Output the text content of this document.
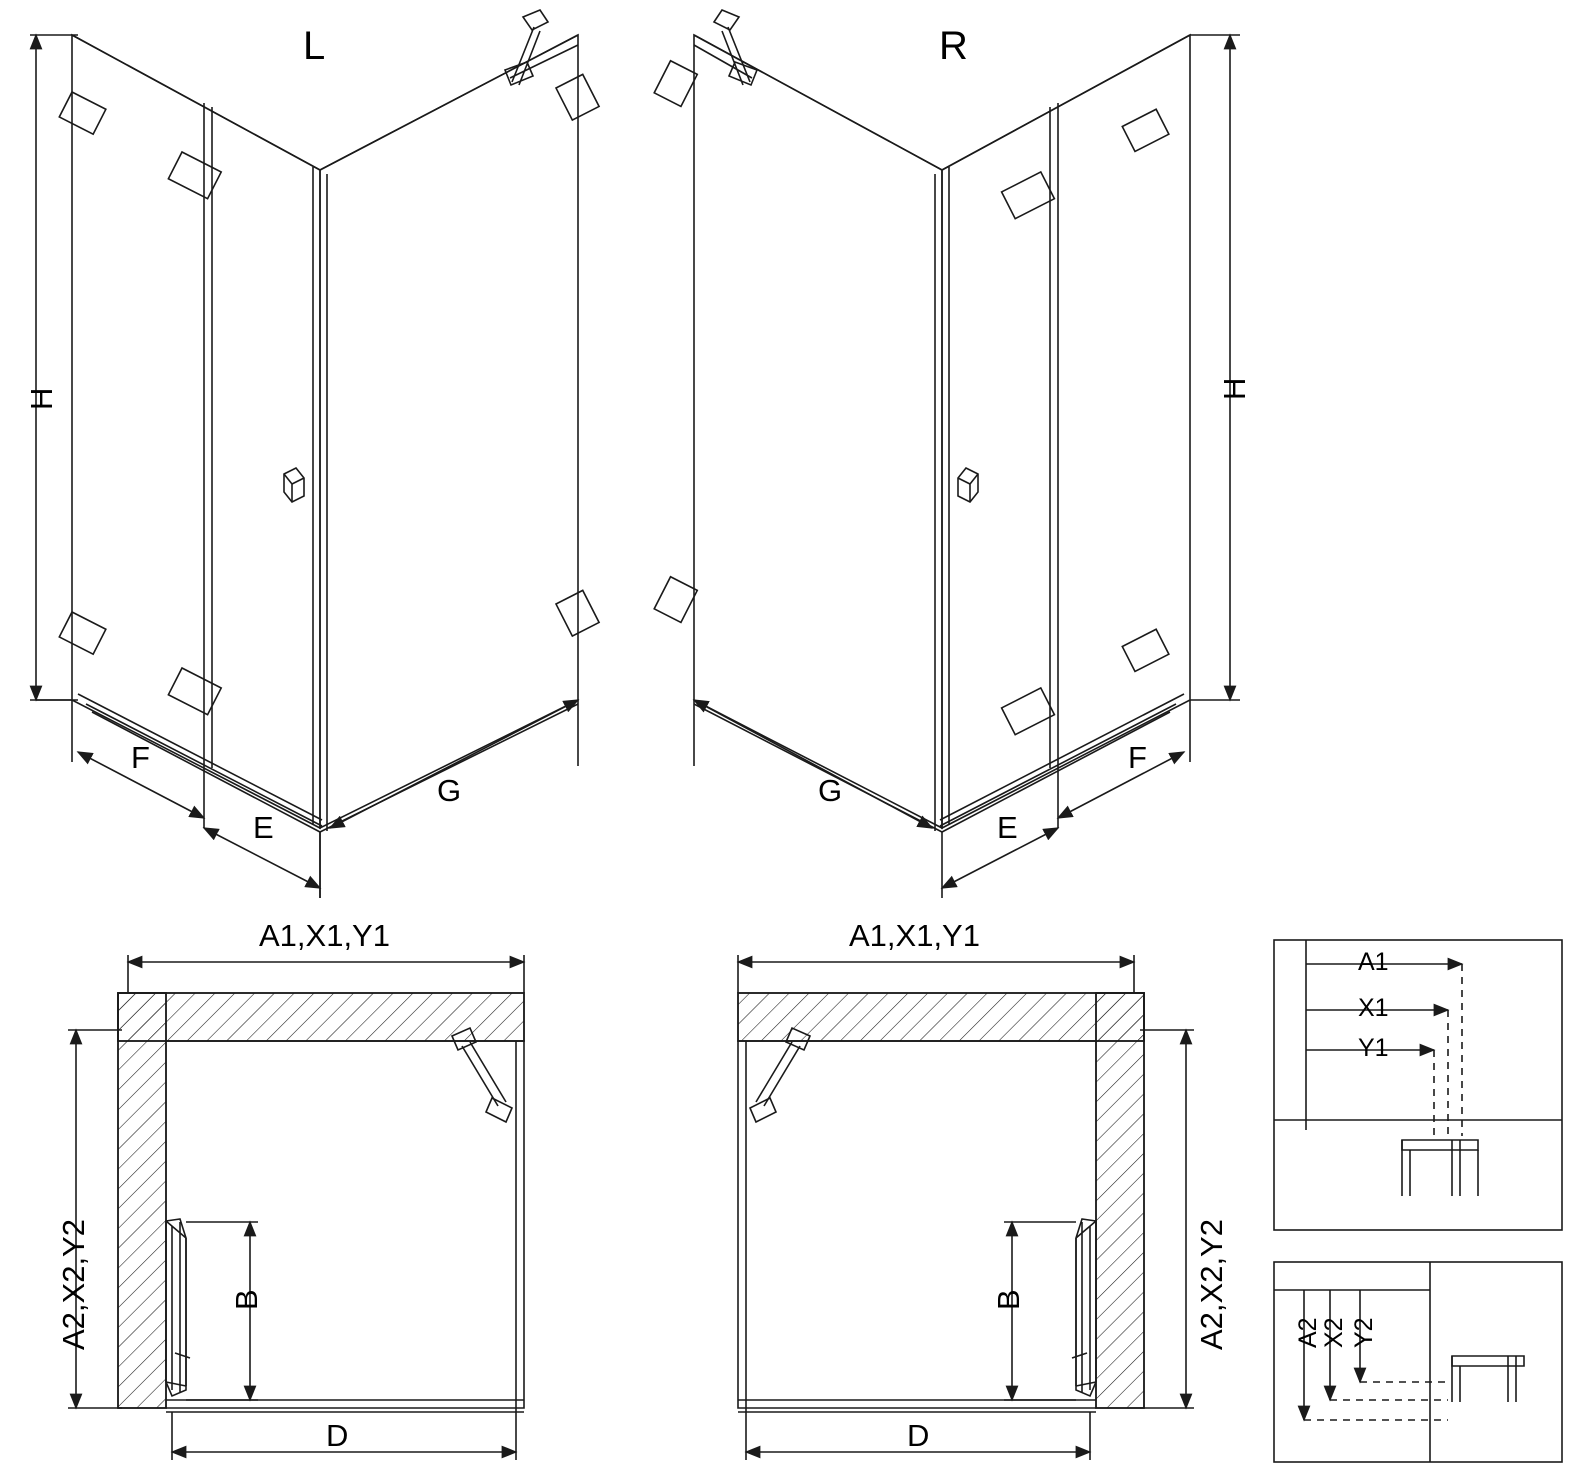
L
H
F
E
G
R
H
F
E
G
A1,X1,Y1
A2,X2,Y2	B
D
A1,X1,Y1
A2,X2,Y2
B
D
A1
X1
Y1
A2
X2 Y2
